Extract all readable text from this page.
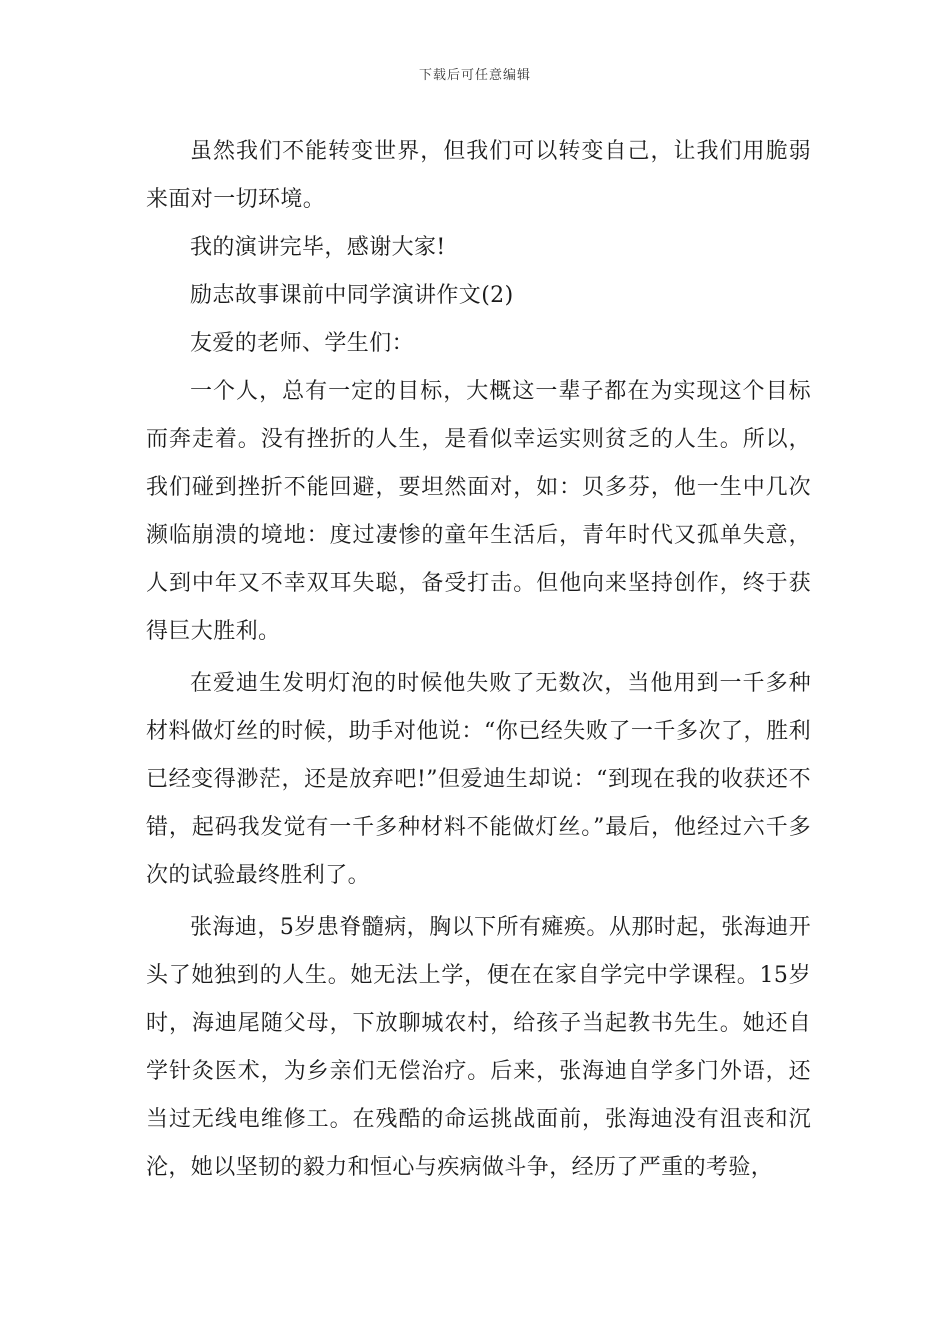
下载后可任意编辑

虽然我们不能转变世界，但我们可以转变自己，让我们用脆弱来面对一切环境。

我的演讲完毕，感谢大家!

励志故事课前中同学演讲作文(2)

友爱的老师、学生们：

一个人，总有一定的目标，大概这一辈子都在为实现这个目标而奔走着。没有挫折的人生，是看似幸运实则贫乏的人生。所以，我们碰到挫折不能回避，要坦然面对，如：贝多芬，他一生中几次濒临崩溃的境地：度过凄惨的童年生活后，青年时代又孤单失意，人到中年又不幸双耳失聪，备受打击。但他向来坚持创作，终于获得巨大胜利。

在爱迪生发明灯泡的时候他失败了无数次，当他用到一千多种材料做灯丝的时候，助手对他说：“你已经失败了一千多次了，胜利已经变得渺茫，还是放弃吧!”但爱迪生却说：“到现在我的收获还不错，起码我发觉有一千多种材料不能做灯丝。”最后，他经过六千多次的试验最终胜利了。

张海迪，5岁患脊髓病，胸以下所有瘫痪。从那时起，张海迪开头了她独到的人生。她无法上学，便在在家自学完中学课程。15岁时，海迪尾随父母，下放聊城农村，给孩子当起教书先生。她还自学针灸医术，为乡亲们无偿治疗。后来，张海迪自学多门外语，还当过无线电维修工。在残酷的命运挑战面前，张海迪没有沮丧和沉沦，她以坚韧的毅力和恒心与疾病做斗争，经历了严重的考验，
